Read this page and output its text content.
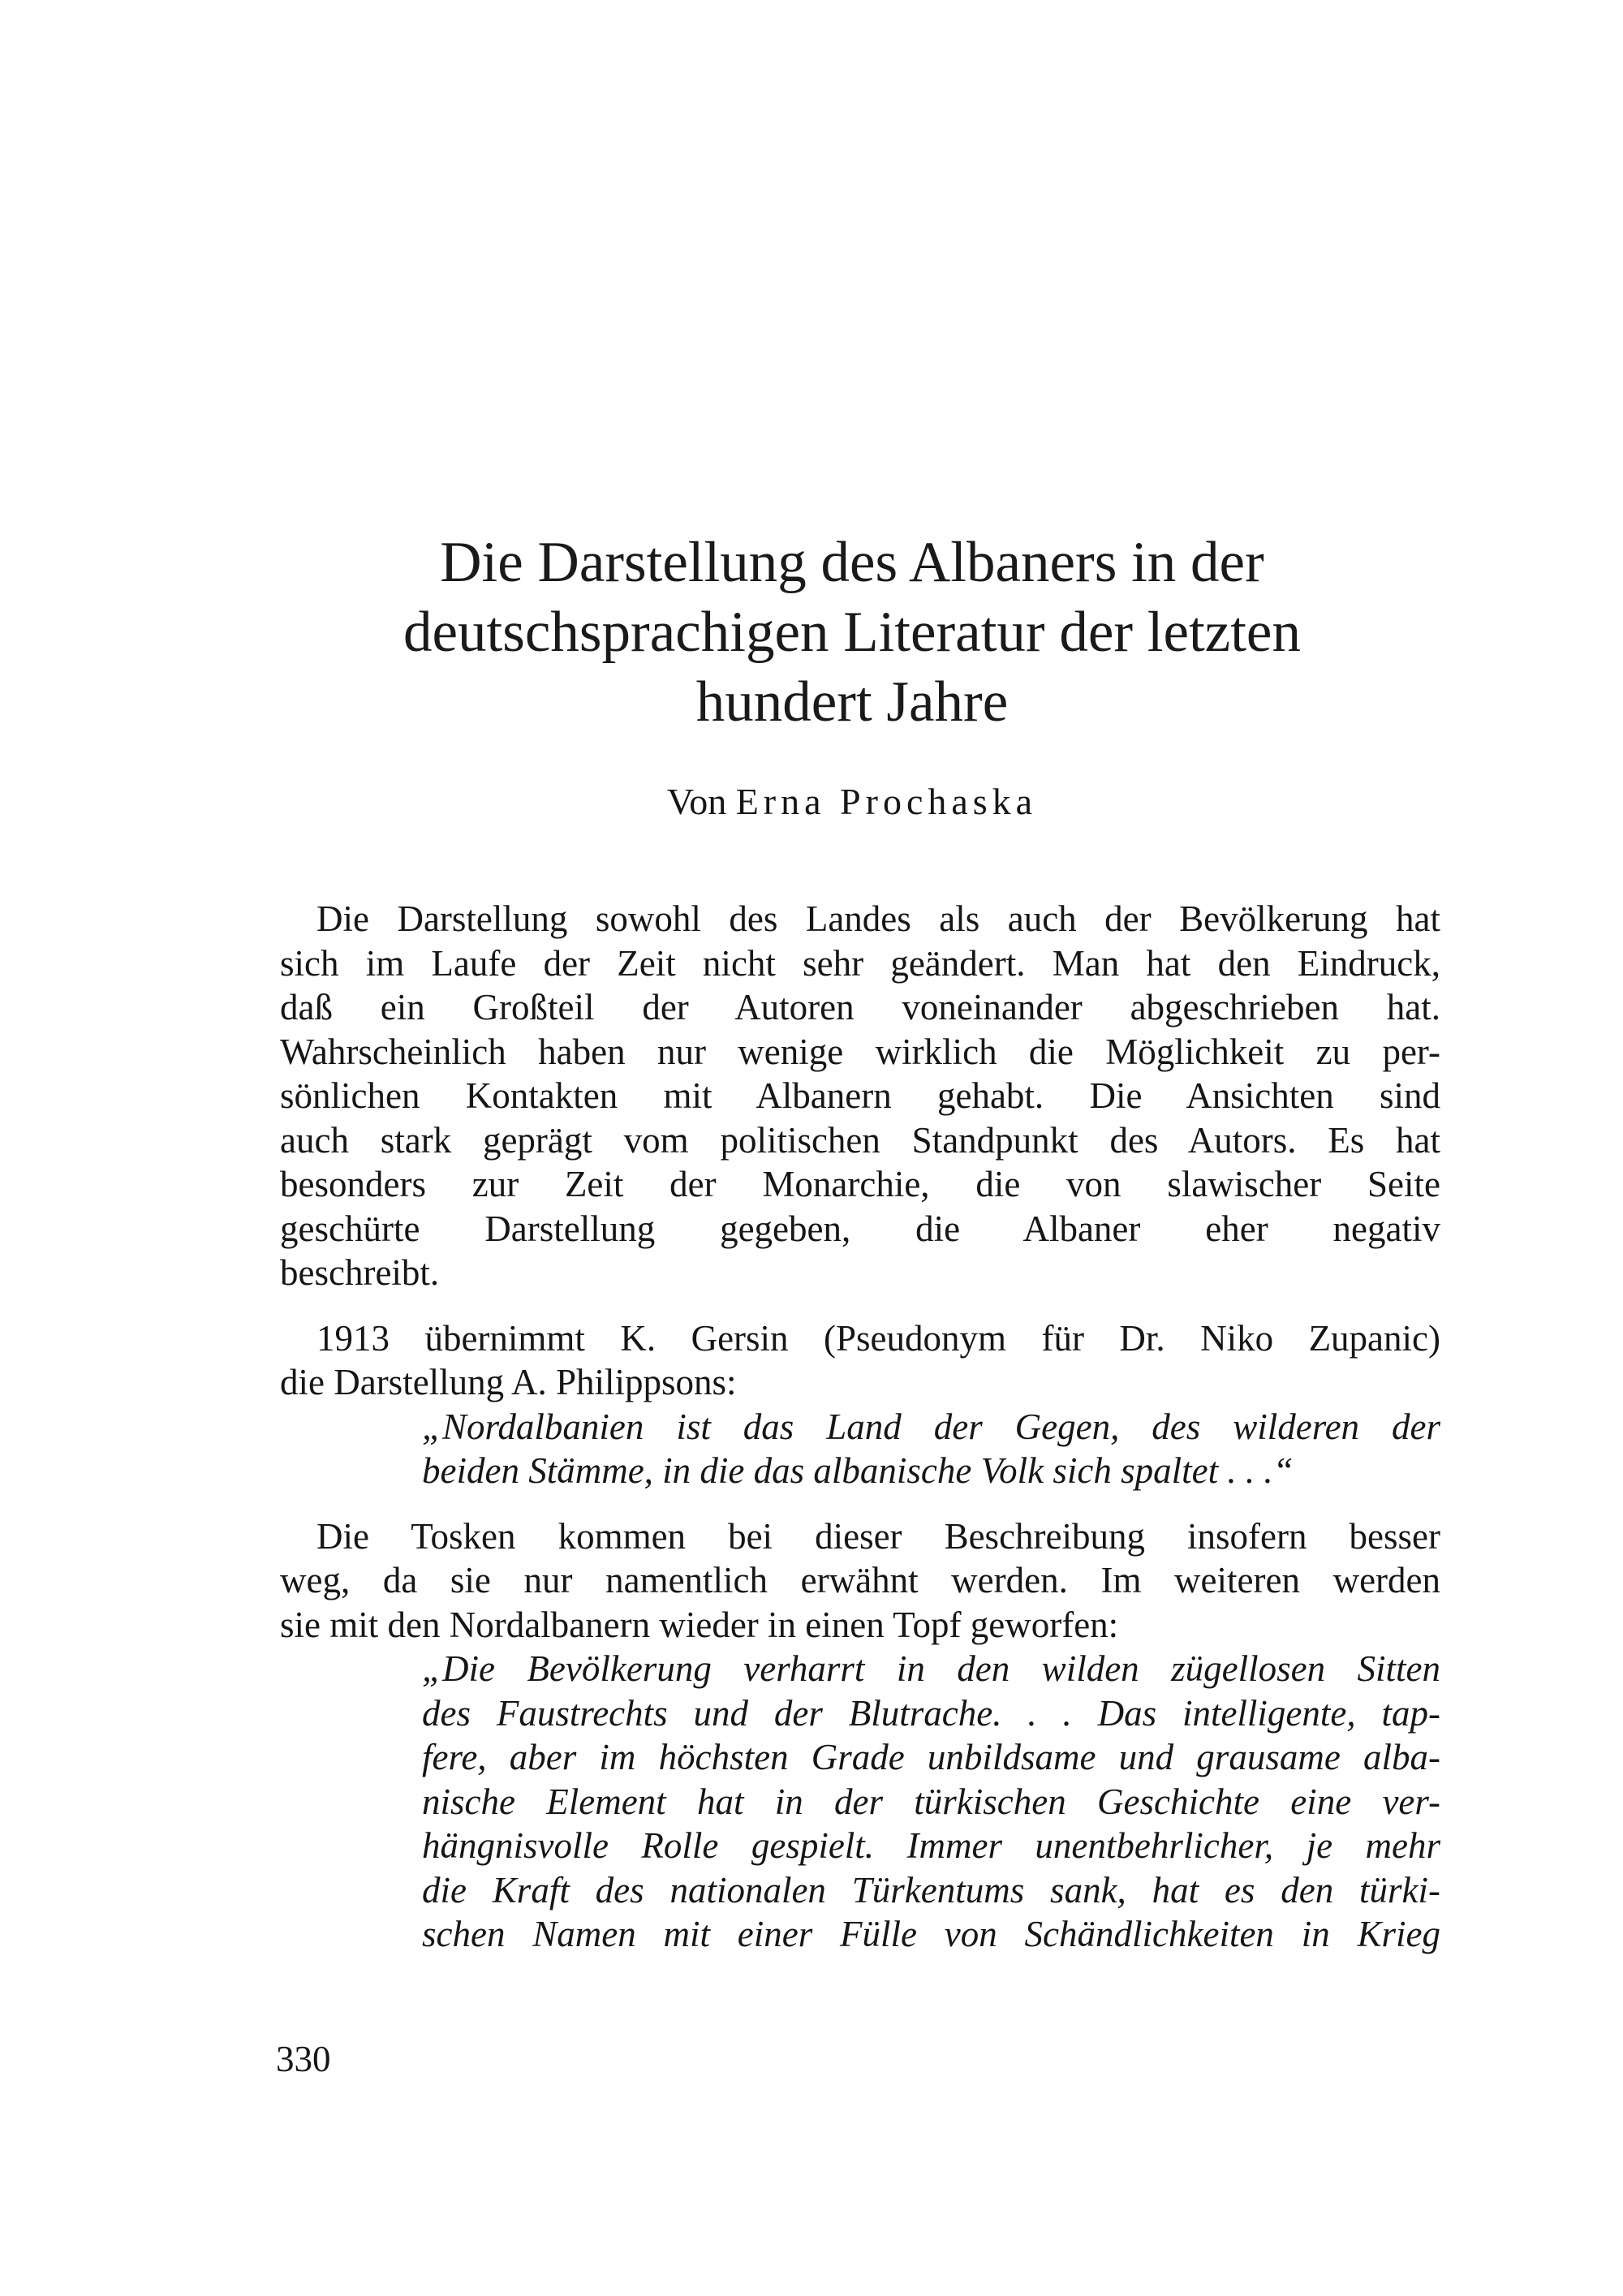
Die Darstellung des Albaners in der
deutschsprachigen Literatur der letzten
hundert Jahre

Von Erna Prochaska

Die Darstellung sowohl des Landes als auch der Bevölkerung hat
sich im Laufe der Zeit nicht sehr geändert. Man hat den Eindruck,
daß ein Großteil der Autoren voneinander abgeschrieben hat.
Wahrscheinlich haben nur wenige wirklich die Möglichkeit zu per-
sönlichen Kontakten mit Albanern gehabt. Die Ansichten sind
auch stark geprägt vom politischen Standpunkt des Autors. Es hat
besonders zur Zeit der Monarchie, die von slawischer Seite
geschürte Darstellung gegeben, die Albaner eher negativ
beschreibt.

1913 übernimmt K. Gersin (Pseudonym für Dr. Niko Zupanic)
die Darstellung A. Philippsons:

„Nordalbanien ist das Land der Gegen, des wilderen der
beiden Stämme, in die das albanische Volk sich spaltet . . .“

Die Tosken kommen bei dieser Beschreibung insofern besser
weg, da sie nur namentlich erwähnt werden. Im weiteren werden
sie mit den Nordalbanern wieder in einen Topf geworfen:

„Die Bevölkerung verharrt in den wilden zügellosen Sitten
des Faustrechts und der Blutrache. . . Das intelligente, tap-
fere, aber im höchsten Grade unbildsame und grausame alba-
nische Element hat in der türkischen Geschichte eine ver-
hängnisvolle Rolle gespielt. Immer unentbehrlicher, je mehr
die Kraft des nationalen Türkentums sank, hat es den türki-
schen Namen mit einer Fülle von Schändlichkeiten in Krieg

330
